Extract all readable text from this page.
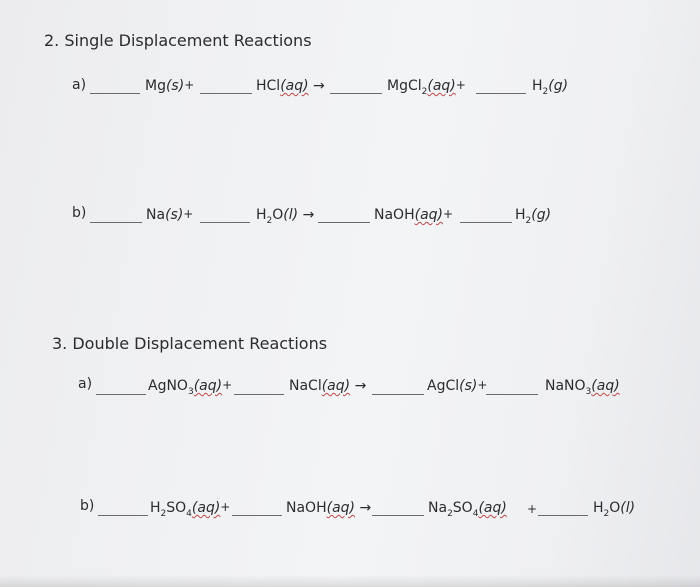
2. Single Displacement Reactions
a)	Mg(s) +	HCl(aq) →	MgCl$_2$(aq) +	$H_2(g)$
b)	Na(s) +	$H_2O(l)$ →	NaOH(aq) +	$H_2(g)$
3. Double Displacement Reactions
a)	AgNO$_3$(aq) +	NaCl(aq) →	AgCl(s) +	NaNO$_3$(aq)
b)	$H_2SO_4(aq)$ +	NaOH(aq) →	$Na_2SO_4(aq)$ +	$H_2O(l)$
